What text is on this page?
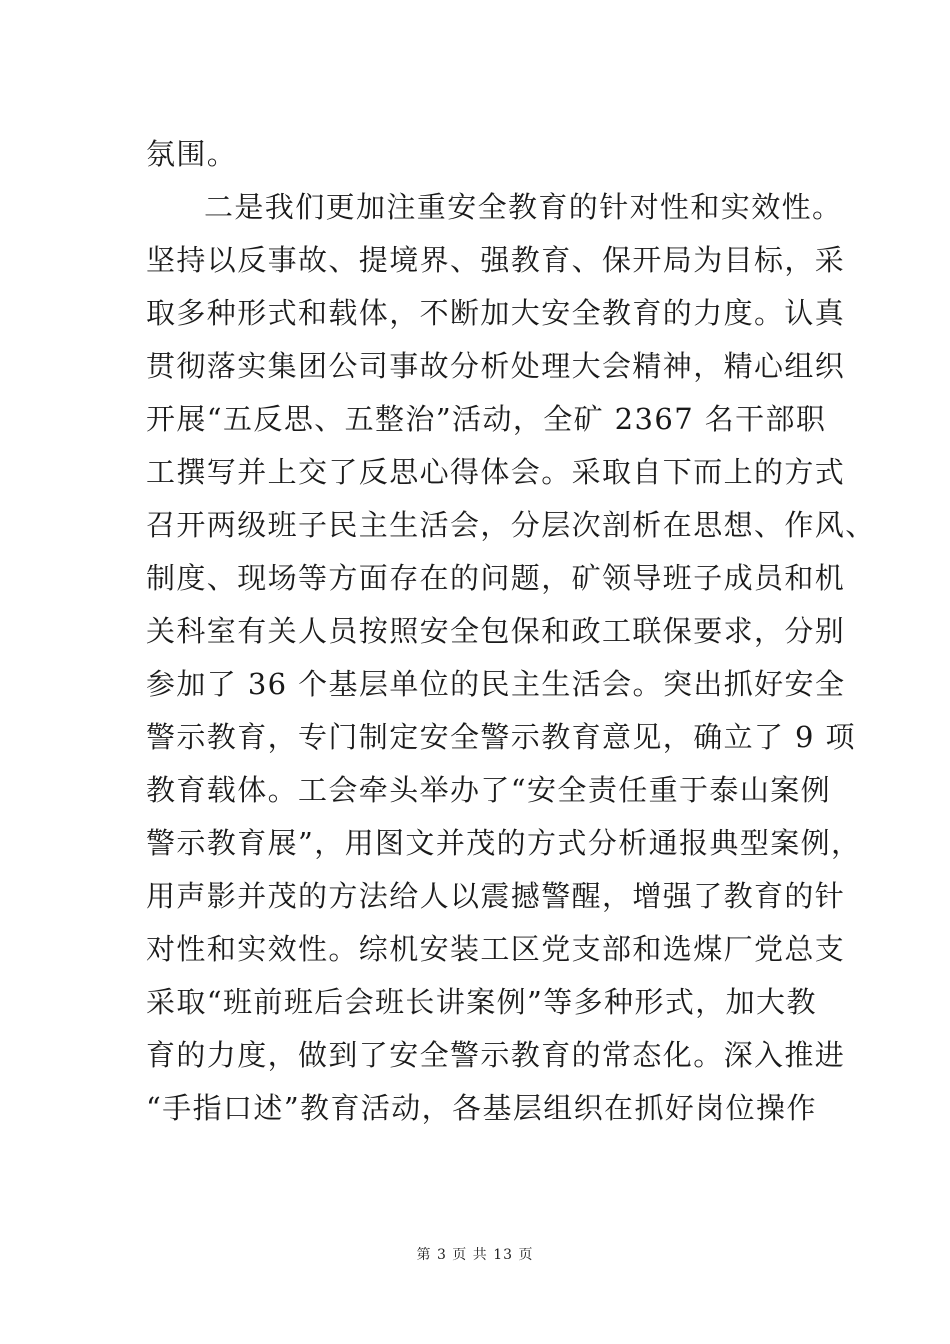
氛围。
二是我们更加注重安全教育的针对性和实效性。
坚持以反事故、提境界、强教育、保开局为目标，采
取多种形式和载体，不断加大安全教育的力度。认真
贯彻落实集团公司事故分析处理大会精神，精心组织
开展“五反思、五整治”活动，全矿 2367 名干部职
工撰写并上交了反思心得体会。采取自下而上的方式
召开两级班子民主生活会，分层次剖析在思想、作风、
制度、现场等方面存在的问题，矿领导班子成员和机
关科室有关人员按照安全包保和政工联保要求，分别
参加了 36 个基层单位的民主生活会。突出抓好安全
警示教育，专门制定安全警示教育意见，确立了 9 项
教育载体。工会牵头举办了“安全责任重于泰山案例
警示教育展”，用图文并茂的方式分析通报典型案例，
用声影并茂的方法给人以震撼警醒，增强了教育的针
对性和实效性。综机安装工区党支部和选煤厂党总支
采取“班前班后会班长讲案例”等多种形式，加大教
育的力度，做到了安全警示教育的常态化。深入推进
“手指口述”教育活动，各基层组织在抓好岗位操作
第 3 页 共 13 页
